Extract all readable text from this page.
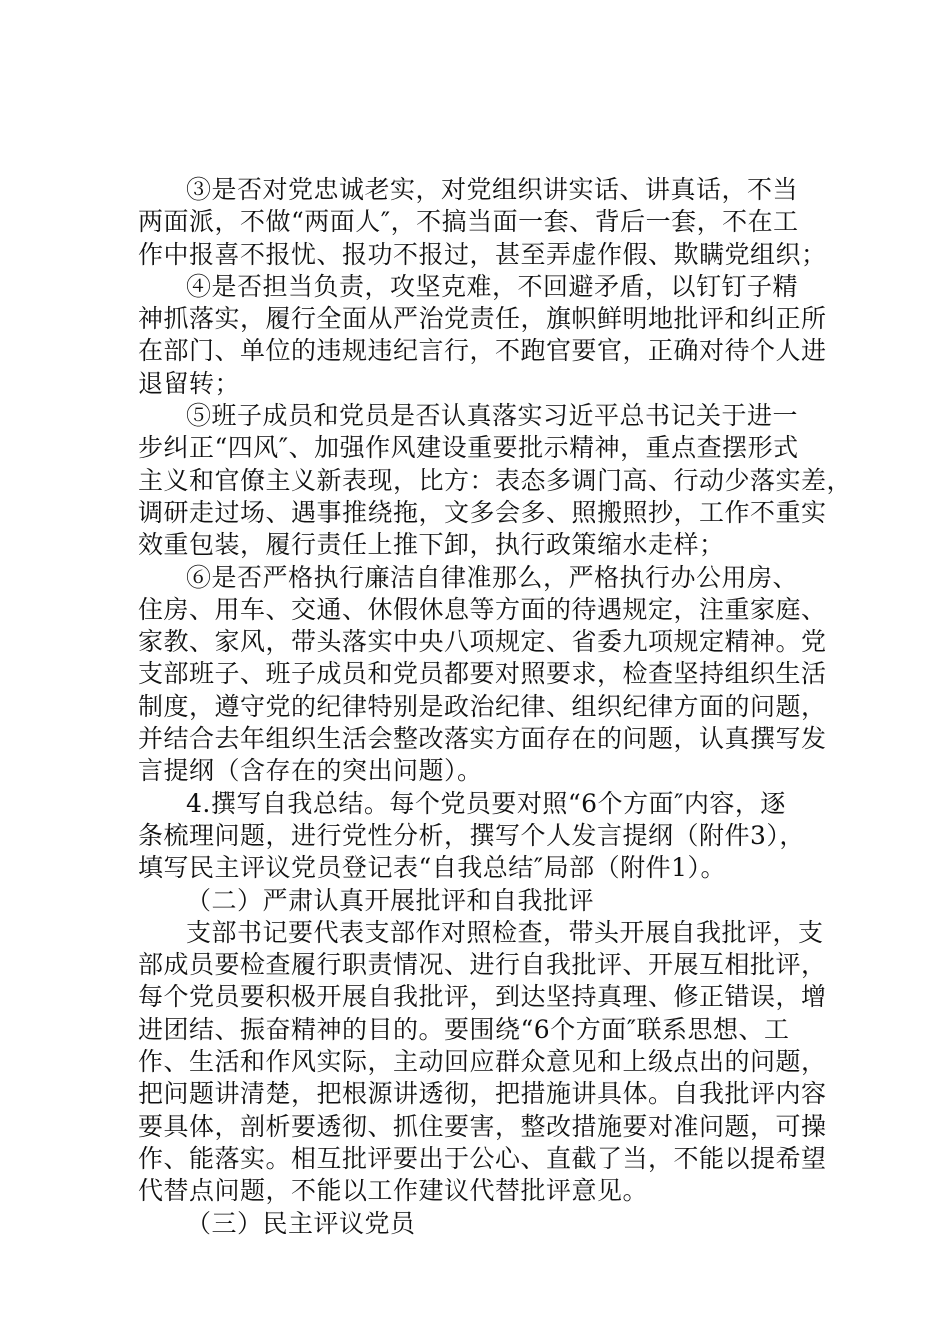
③是否对党忠诚老实，对党组织讲实话、讲真话，不当
两面派，不做“两面人″，不搞当面一套、背后一套，不在工
作中报喜不报忧、报功不报过，甚至弄虚作假、欺瞒党组织；
④是否担当负责，攻坚克难，不回避矛盾，以钉钉子精
神抓落实，履行全面从严治党责任，旗帜鲜明地批评和纠正所
在部门、单位的违规违纪言行，不跑官要官，正确对待个人进
退留转；
⑤班子成员和党员是否认真落实习近平总书记关于进一
步纠正“四风″、加强作风建设重要批示精神，重点查摆形式
主义和官僚主义新表现，比方：表态多调门高、行动少落实差，
调研走过场、遇事推绕拖，文多会多、照搬照抄，工作不重实
效重包装，履行责任上推下卸，执行政策缩水走样；
⑥是否严格执行廉洁自律准那么，严格执行办公用房、
住房、用车、交通、休假休息等方面的待遇规定，注重家庭、
家教、家风，带头落实中央八项规定、省委九项规定精神。党
支部班子、班子成员和党员都要对照要求，检查坚持组织生活
制度，遵守党的纪律特别是政治纪律、组织纪律方面的问题，
并结合去年组织生活会整改落实方面存在的问题，认真撰写发
言提纲（含存在的突出问题）。
4.撰写自我总结。每个党员要对照“6个方面″内容，逐
条梳理问题，进行党性分析，撰写个人发言提纲（附件3），
填写民主评议党员登记表“自我总结″局部（附件1）。
（二）严肃认真开展批评和自我批评
支部书记要代表支部作对照检查，带头开展自我批评，支
部成员要检查履行职责情况、进行自我批评、开展互相批评，
每个党员要积极开展自我批评，到达坚持真理、修正错误，增
进团结、振奋精神的目的。要围绕“6个方面″联系思想、工
作、生活和作风实际，主动回应群众意见和上级点出的问题，
把问题讲清楚，把根源讲透彻，把措施讲具体。自我批评内容
要具体，剖析要透彻、抓住要害，整改措施要对准问题，可操
作、能落实。相互批评要出于公心、直截了当，不能以提希望
代替点问题，不能以工作建议代替批评意见。
（三）民主评议党员
